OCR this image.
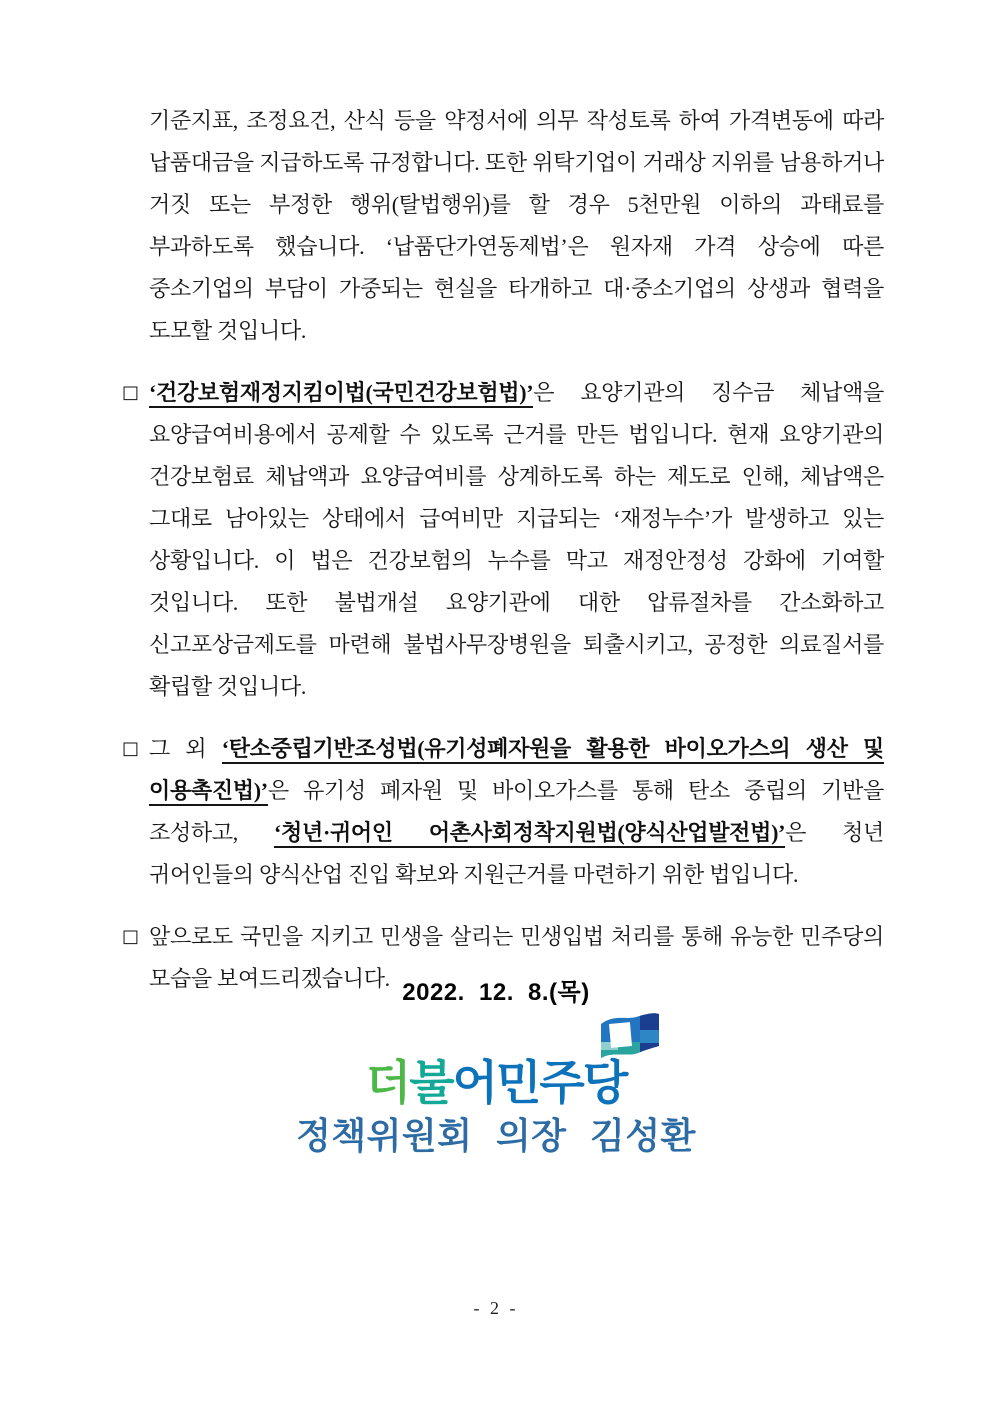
기준지표, 조정요건, 산식 등을 약정서에 의무 작성토록 하여 가격변동에 따라 납품대금을 지급하도록 규정합니다. 또한 위탁기업이 거래상 지위를 남용하거나 거짓 또는 부정한 행위(탈법행위)를 할 경우 5천만원 이하의 과태료를 부과하도록 했습니다. ‘납품단가연동제법’은 원자재 가격 상승에 따른 중소기업의 부담이 가중되는 현실을 타개하고 대·중소기업의 상생과 협력을 도모할 것입니다.

□ ‘건강보험재정지킴이법(국민건강보험법)’은 요양기관의 징수금 체납액을 요양급여비용에서 공제할 수 있도록 근거를 만든 법입니다. 현재 요양기관의 건강보험료 체납액과 요양급여비를 상계하도록 하는 제도로 인해, 체납액은 그대로 남아있는 상태에서 급여비만 지급되는 ‘재정누수’가 발생하고 있는 상황입니다. 이 법은 건강보험의 누수를 막고 재정안정성 강화에 기여할 것입니다. 또한 불법개설 요양기관에 대한 압류절차를 간소화하고 신고포상금제도를 마련해 불법사무장병원을 퇴출시키고, 공정한 의료질서를 확립할 것입니다.

□ 그 외 ‘탄소중립기반조성법(유기성폐자원을 활용한 바이오가스의 생산 및 이용촉진법)’은 유기성 폐자원 및 바이오가스를 통해 탄소 중립의 기반을 조성하고, ‘청년·귀어인 어촌사회정착지원법(양식산업발전법)’은 청년 귀어인들의 양식산업 진입 확보와 지원근거를 마련하기 위한 법입니다.

□ 앞으로도 국민을 지키고 민생을 살리는 민생입법 처리를 통해 유능한 민주당의 모습을 보여드리겠습니다.

2022. 12. 8.(목)
더불어민주당
정책위원회 의장 김성환
- 2 -
